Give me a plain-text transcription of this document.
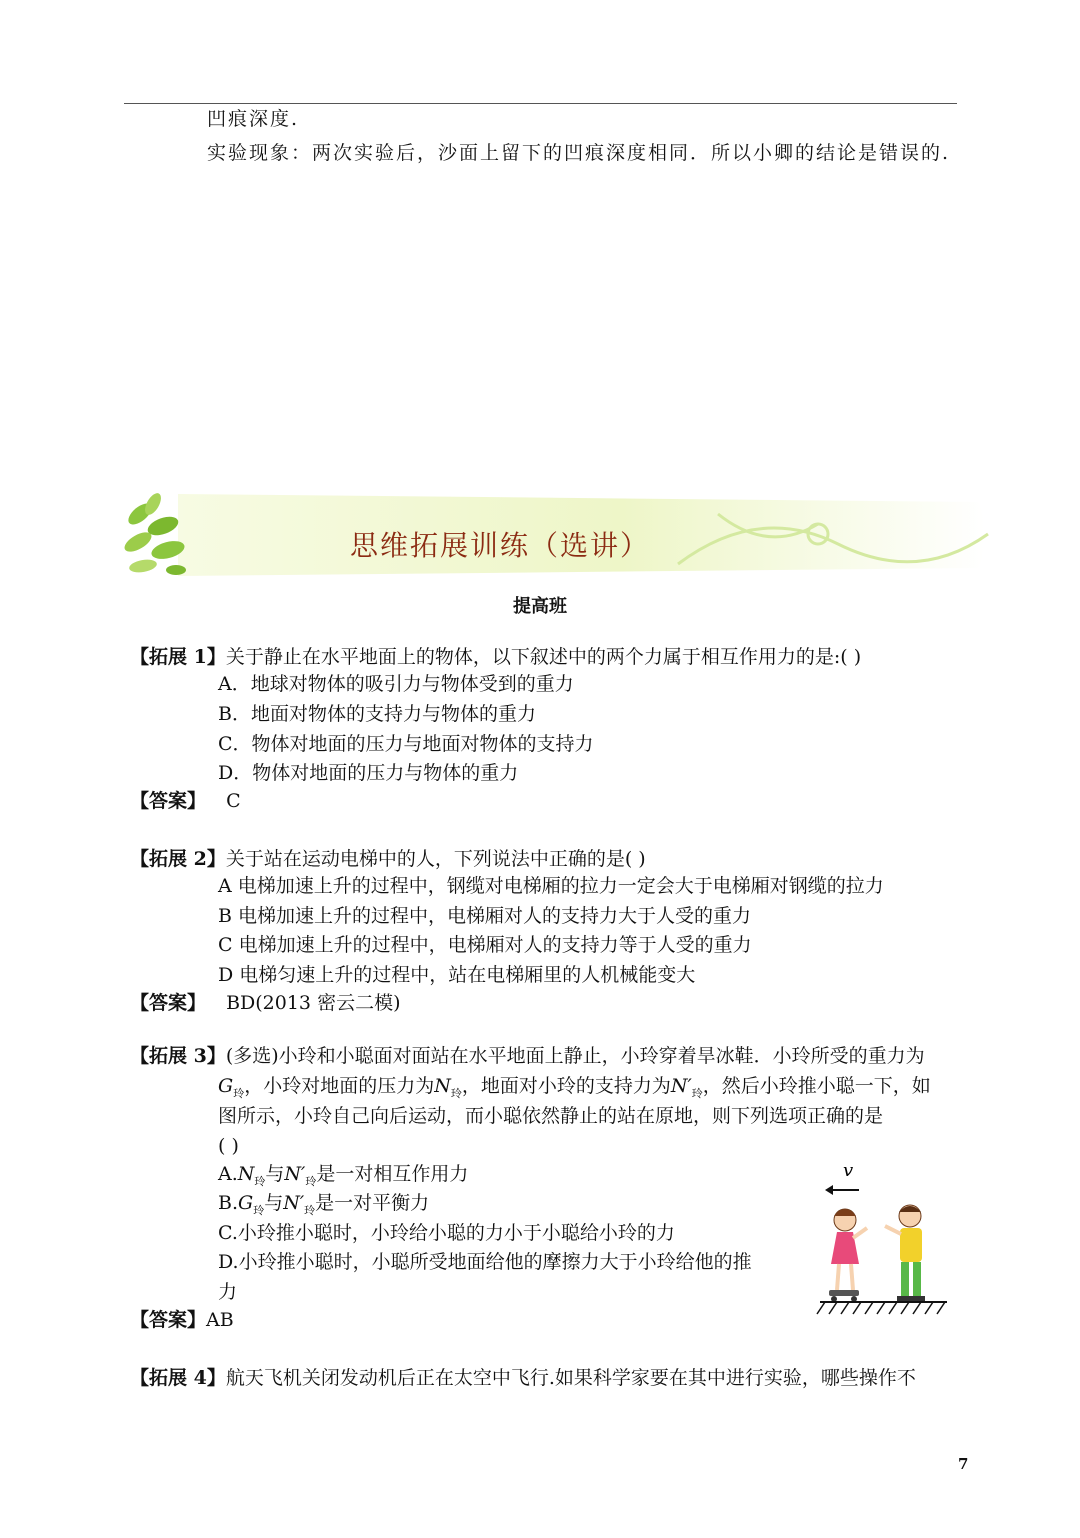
凹痕深度.
实验现象：两次实验后，沙面上留下的凹痕深度相同．所以小卿的结论是错误的.
思维拓展训练（选讲）
提高班
【拓展 1】关于静止在水平地面上的物体，以下叙述中的两个力属于相互作用力的是:( )
A．地球对物体的吸引力与物体受到的重力
B．地面对物体的支持力与物体的重力
C．物体对地面的压力与地面对物体的支持力
D．物体对地面的压力与物体的重力
【答案】 C
【拓展 2】关于站在运动电梯中的人，下列说法中正确的是( )
A 电梯加速上升的过程中，钢缆对电梯厢的拉力一定会大于电梯厢对钢缆的拉力
B 电梯加速上升的过程中，电梯厢对人的支持力大于人受的重力
C 电梯加速上升的过程中，电梯厢对人的支持力等于人受的重力
D 电梯匀速上升的过程中，站在电梯厢里的人机械能变大
【答案】 BD(2013 密云二模)
【拓展 3】(多选)小玲和小聪面对面站在水平地面上静止，小玲穿着旱冰鞋．小玲所受的重力为
$G_玲$，小玲对地面的压力为$N_玲$，地面对小玲的支持力为$N'_玲$，然后小玲推小聪一下，如
图所示，小玲自己向后运动，而小聪依然静止的站在原地，则下列选项正确的是
( )
$A.N_玲$与$N'_玲$是一对相互作用力
$B.G_玲$与$N'_玲$是一对平衡力
C.小玲推小聪时，小玲给小聪的力小于小聪给小玲的力
D.小玲推小聪时，小聪所受地面给他的摩擦力大于小玲给他的推
力
【答案】AB
v
【拓展 4】航天飞机关闭发动机后正在太空中飞行.如果科学家要在其中进行实验，哪些操作不
7
